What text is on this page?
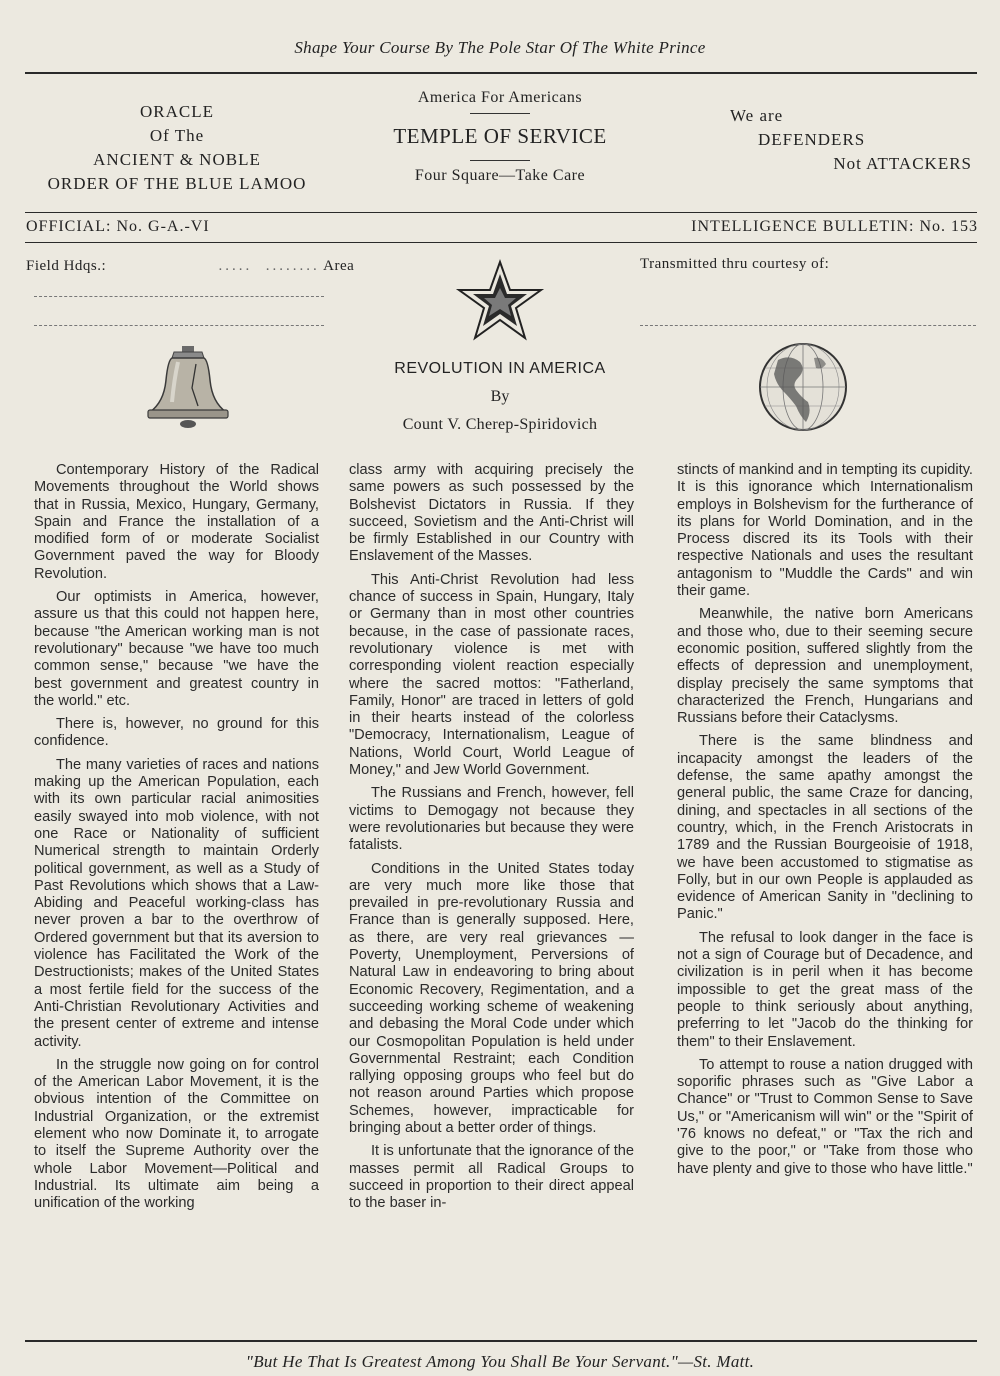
Shape Your Course By The Pole Star Of The White Prince
ORACLE
Of The
ANCIENT & NOBLE
ORDER OF THE BLUE LAMOO
America For Americans
TEMPLE OF SERVICE
Four Square—Take Care
We are
DEFENDERS
Not ATTACKERS
OFFICIAL: No. G-A.-VI	INTELLIGENCE BULLETIN: No. 153
Field Hdqs.:                 .....  ........ Area	Transmitted thru courtesy of:
REVOLUTION IN AMERICA
By
Count V. Cherep-Spiridovich

Contemporary History of the Radical Movements throughout the World shows that in Russia, Mexico, Hungary, Germany, Spain and France the installation of a modified form of or moderate Socialist Government paved the way for Bloody Revolution.

Our optimists in America, however, assure us that this could not happen here, because "the American working man is not revolutionary" because "we have too much common sense," because "we have the best government and greatest country in the world." etc.

There is, however, no ground for this confidence.

The many varieties of races and nations making up the American Population, each with its own particular racial animosities easily swayed into mob violence, with not one Race or Nationality of sufficient Numerical strength to maintain Orderly political government, as well as a Study of Past Revolutions which shows that a Law-Abiding and Peaceful working-class has never proven a bar to the overthrow of Ordered government but that its aversion to violence has Facilitated the Work of the Destructionists; makes of the United States a most fertile field for the success of the Anti-Christian Revolutionary Activities and the present center of extreme and intense activity.

In the struggle now going on for control of the American Labor Movement, it is the obvious intention of the Committee on Industrial Organization, or the extremist element who now Dominate it, to arrogate to itself the Supreme Authority over the whole Labor Movement—Political and Industrial. Its ultimate aim being a unification of the working

class army with acquiring precisely the same powers as such possessed by the Bolshevist Dictators in Russia. If they succeed, Sovietism and the Anti-Christ will be firmly Established in our Country with Enslavement of the Masses.

This Anti-Christ Revolution had less chance of success in Spain, Hungary, Italy or Germany than in most other countries because, in the case of passionate races, revolutionary violence is met with corresponding violent reaction especially where the sacred mottos: "Fatherland, Family, Honor" are traced in letters of gold in their hearts instead of the colorless "Democracy, Internationalism, League of Nations, World Court, World League of Money," and Jew World Government.

The Russians and French, however, fell victims to Demogagy not because they were revolutionaries but because they were fatalists.

Conditions in the United States today are very much more like those that prevailed in pre-revolutionary Russia and France than is generally supposed. Here, as there, are very real grievances — Poverty, Unemployment, Perversions of Natural Law in endeavoring to bring about Economic Recovery, Regimentation, and a succeeding working scheme of weakening and debasing the Moral Code under which our Cosmopolitan Population is held under Governmental Restraint; each Condition rallying opposing groups who feel but do not reason around Parties which propose Schemes, however, impracticable for bringing about a better order of things.

It is unfortunate that the ignorance of the masses permit all Radical Groups to succeed in proportion to their direct appeal to the baser in-

stincts of mankind and in tempting its cupidity. It is this ignorance which Internationalism employs in Bolshevism for the furtherance of its plans for World Domination, and in the Process discred its its Tools with their respective Nationals and uses the resultant antagonism to "Muddle the Cards" and win their game.

Meanwhile, the native born Americans and those who, due to their seeming secure economic position, suffered slightly from the effects of depression and unemployment, display precisely the same symptoms that characterized the French, Hungarians and Russians before their Cataclysms.

There is the same blindness and incapacity amongst the leaders of the defense, the same apathy amongst the general public, the same Craze for dancing, dining, and spectacles in all sections of the country, which, in the French Aristocrats in 1789 and the Russian Bourgeoisie of 1918, we have been accustomed to stigmatise as Folly, but in our own People is applauded as evidence of American Sanity in "declining to Panic."

The refusal to look danger in the face is not a sign of Courage but of Decadence, and civilization is in peril when it has become impossible to get the great mass of the people to think seriously about anything, preferring to let "Jacob do the thinking for them" to their Enslavement.

To attempt to rouse a nation drugged with soporific phrases such as "Give Labor a Chance" or "Trust to Common Sense to Save Us," or "Americanism will win" or the "Spirit of '76 knows no defeat," or "Tax the rich and give to the poor," or "Take from those who have plenty and give to those who have little."

"But He That Is Greatest Among You Shall Be Your Servant."—St. Matt.
